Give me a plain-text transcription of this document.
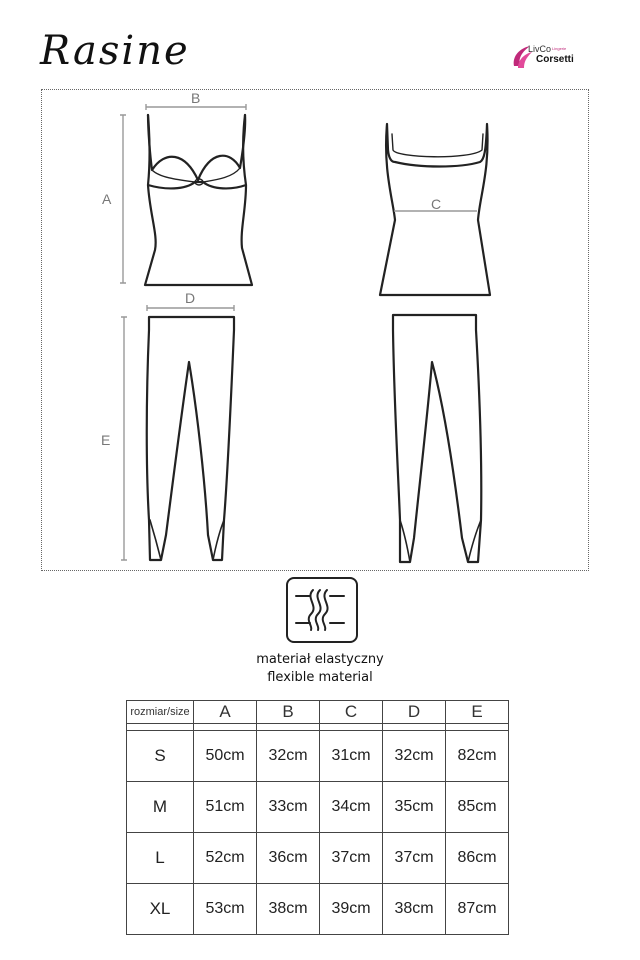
Rasine	LivCo Lingerie
Corsetti
B
A	C
D
E
materiał elastyczny
flexible material
rozmiar/size	A	B	C	D	E

S	50cm	32cm	31cm	32cm	82cm
M	51cm	33cm	34cm	35cm	85cm
L	52cm	36cm	37cm	37cm	86cm
XL	53cm	38cm	39cm	38cm	87cm
